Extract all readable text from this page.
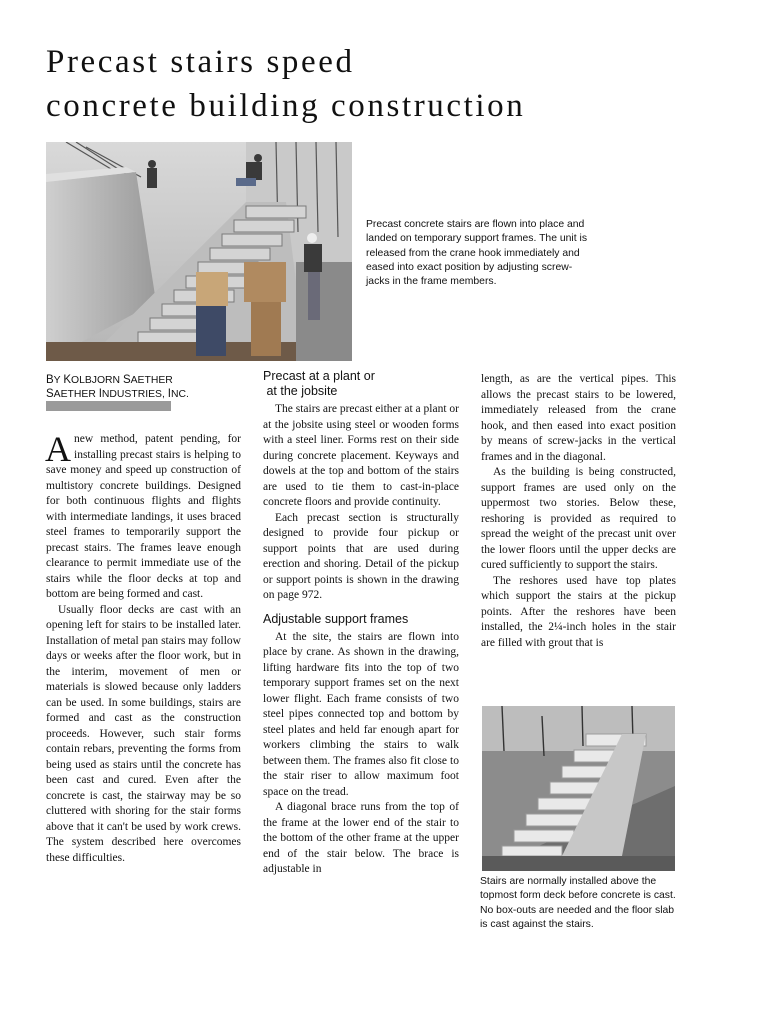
Precast stairs speed
concrete building construction

Precast concrete stairs are flown into place and landed on temporary support frames. The unit is released from the crane hook immediately and eased into exact position by adjusting screw-jacks in the frame members.

BY KOLBJORN SAETHER
SAETHER INDUSTRIES, INC.

Anew method, patent pending, for installing precast stairs is helping to save money and speed up construction of multistory concrete buildings. Designed for both continuous flights and flights with intermediate landings, it uses braced steel frames to temporarily support the precast stairs. The frames leave enough clearance to permit immediate use of the stairs while the floor decks at top and bottom are being formed and cast.

Usually floor decks are cast with an opening left for stairs to be installed later. Installation of metal pan stairs may follow days or weeks after the floor work, but in the interim, movement of men or materials is slowed because only ladders can be used. In some buildings, stairs are formed and cast as the construction proceeds. However, such stair forms contain rebars, preventing the forms from being used as stairs until the concrete has been cast and cured. Even after the concrete is cast, the stairway may be so cluttered with shoring for the stair forms above that it can't be used by work crews. The system described here overcomes these difficulties.

Precast at a plant or
at the jobsite

The stairs are precast either at a plant or at the jobsite using steel or wooden forms with a steel liner. Forms rest on their side during concrete placement. Keyways and dowels at the top and bottom of the stairs are used to tie them to cast-in-place concrete floors and provide continuity.

Each precast section is structurally designed to provide four pickup or support points that are used during erection and shoring. Detail of the pickup or support points is shown in the drawing on page 972.

Adjustable support frames

At the site, the stairs are flown into place by crane. As shown in the drawing, lifting hardware fits into the top of two temporary support frames set on the next lower flight. Each frame consists of two steel pipes connected top and bottom by steel plates and held far enough apart for workers climbing the stairs to walk between them. The frames also fit close to the stair riser to allow maximum foot space on the tread.

A diagonal brace runs from the top of the frame at the lower end of the stair to the bottom of the other frame at the upper end of the stair below. The brace is adjustable in

length, as are the vertical pipes. This allows the precast stairs to be lowered, immediately released from the crane hook, and then eased into exact position by means of screw-jacks in the vertical frames and in the diagonal.

As the building is being constructed, support frames are used only on the uppermost two stories. Below these, reshoring is provided as required to spread the weight of the precast unit over the lower floors until the upper decks are cured sufficiently to support the stairs.

The reshores used have top plates which support the stairs at the pickup points. After the reshores have been installed, the 2¼-inch holes in the stair are filled with grout that is

Stairs are normally installed above the topmost form deck before concrete is cast. No box-outs are needed and the floor slab is cast against the stairs.
